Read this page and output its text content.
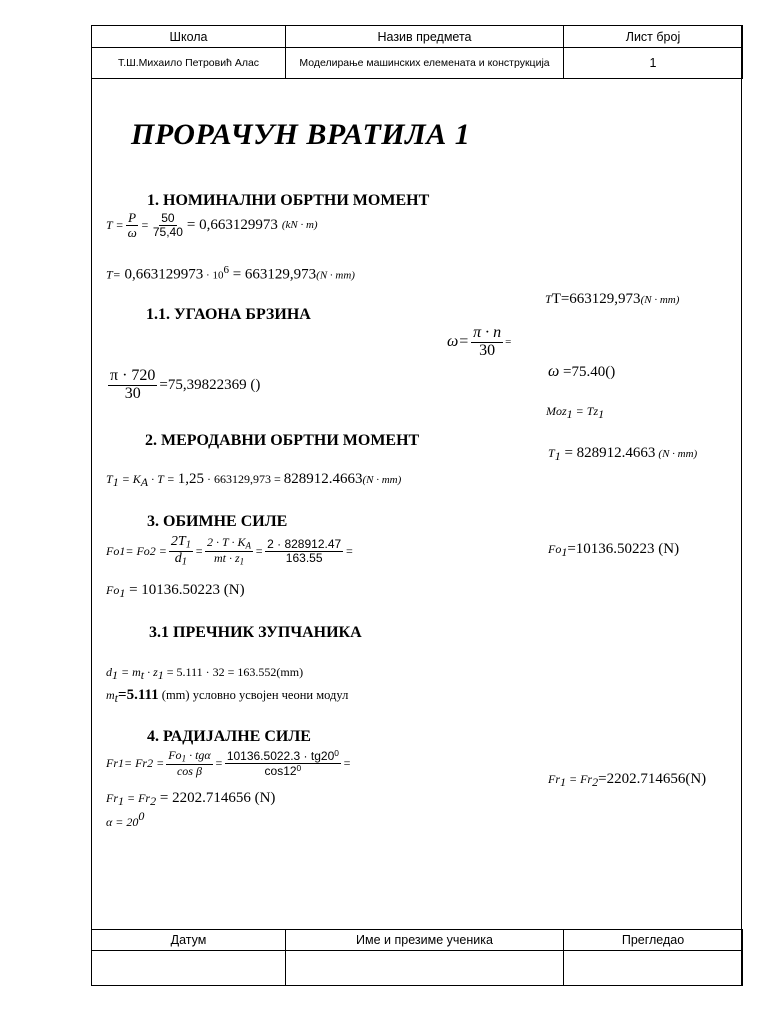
Школа	Назив предмета	Лист број
Т.Ш.Михаило Петровић Алас	Моделирање машинских елемената и конструкција	1
ПРОРАЧУН ВРАТИЛА 1
1. НОМИНАЛНИ ОБРТНИ МОМЕНТ
$T = \frac{P}{\omega} = \frac{50}{75,40} = 0,663129973$ (kN · m)
$T= 0,663129973 \cdot 10^6 = 663129,973(N \cdot mm)$
TT=663129,973(N · mm)
1.1. УГАОНА БРЗИНА
$\omega= \frac{\pi \cdot n}{30}$ =
$\frac{\pi \cdot 720}{30} =75,39822369$ ()
ω =75.40()
$Moz_1 = Tz_1$
2. МЕРОДАВНИ ОБРТНИ МОМЕНТ
$T_1 = K_A \cdot T = 1,25 \cdot 663129,973 = 828912.4663(N \cdot mm)$
$T_1 = 828912.4663$ (N · mm)
3. ОБИМНЕ СИЛЕ
Fo 1 = Fo $2 = \frac{2T_1}{d_1} = \frac{2 \cdot T \cdot K_A}{mt \cdot z_1} = \frac{2 \cdot 828912.47}{163.55}$ =
$Fo_1 = 10136.50223$ (N)
$Fo_1=10136.50223$ (N)
3.1 ПРЕЧНИК ЗУПЧАНИКА
$d_1 = m_t \cdot z_1 = 5.111 \cdot 32 = 163.552(mm)$
$m_t=5.111$ (mm) условно усвојен чеони модул
4. РАДИЈАЛНЕ СИЛЕ
Fr 1 = Fr $2 = \frac{Fo_1 \cdot tg\alpha}{\text{cos β}} = \frac{10136.5022.3 \cdot tg20^0}{\cos 12^0}$ =
$Fr_1 = Fr_2 = 2202.714656$ (N)
$\alpha = 20^0$
$Fr_1 = Fr_2=2202.714656(N)$
Датум	Име и презиме ученика	Прегледао
